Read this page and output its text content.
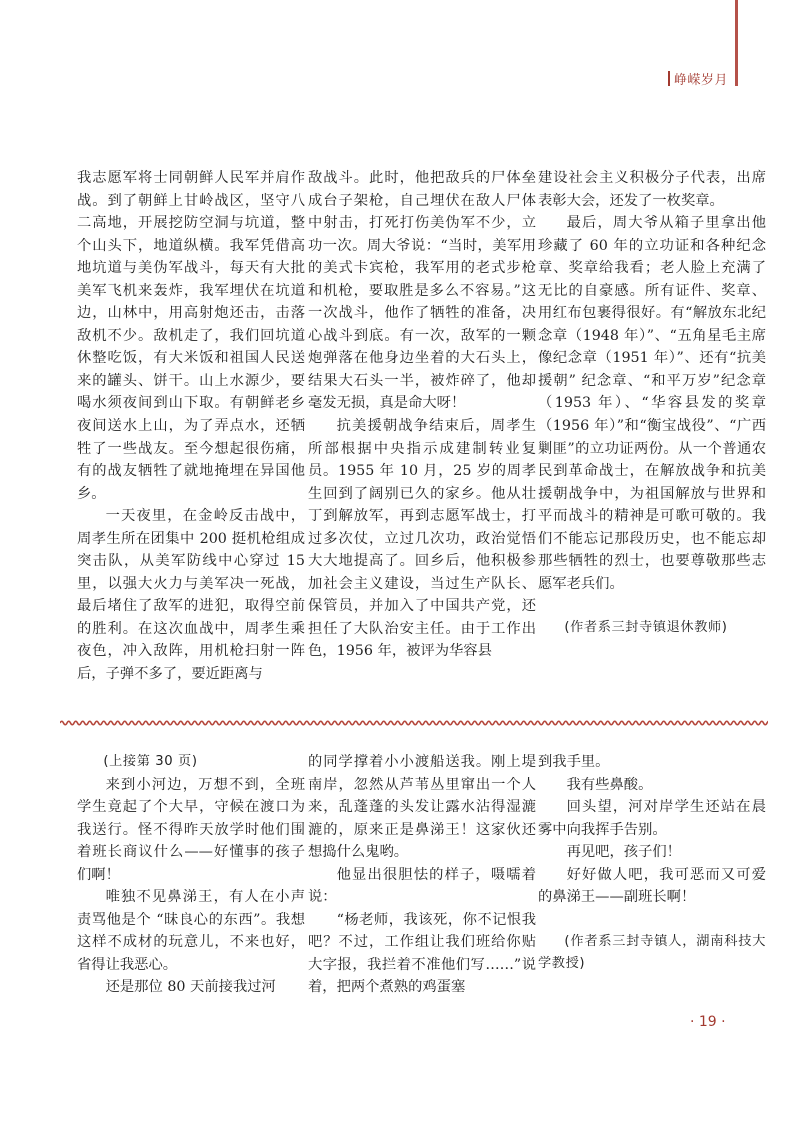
峥嵘岁月

我志愿军将士同朝鲜人民军并肩作战。到了朝鲜上甘岭战区，坚守八二高地，开展挖防空洞与坑道，整个山头下，地道纵横。我军凭借高地坑道与美伪军战斗，每天有大批美军飞机来轰炸，我军埋伏在坑道边，山林中，用高射炮还击，击落敌机不少。敌机走了，我们回坑道休整吃饭，有大米饭和祖国人民送来的罐头、饼干。山上水源少，要喝水须夜间到山下取。有朝鲜老乡夜间送水上山，为了弄点水，还牺牲了一些战友。至今想起很伤痛，有的战友牺牲了就地掩埋在异国他乡。

一天夜里，在金岭反击战中，周孝生所在团集中 200 挺机枪组成突击队，从美军防线中心穿过 15 里，以强大火力与美军决一死战，最后堵住了敌军的进犯，取得空前的胜利。在这次血战中，周孝生乘夜色，冲入敌阵，用机枪扫射一阵后，子弹不多了，要近距离与

敌战斗。此时，他把敌兵的尸体垒成台子架枪，自己埋伏在敌人尸体中射击，打死打伤美伪军不少，立功一次。周大爷说：“当时，美军用的美式卡宾枪，我军用的老式步枪和机枪，要取胜是多么不容易。”这一次战斗，他作了牺牲的准备，决心战斗到底。有一次，敌军的一颗炮弹落在他身边坐着的大石头上，结果大石头一半，被炸碎了，他却毫发无损，真是命大呀！

抗美援朝战争结束后，周孝生所部根据中央指示成建制转业复员。1955 年 10 月，25 岁的周孝生回到了阔别已久的家乡。他从壮丁到解放军，再到志愿军战士，打过多次仗，立过几次功，政治觉悟大大地提高了。回乡后，他积极参加社会主义建设，当过生产队长、保管员，并加入了中国共产党，还担任了大队治安主任。由于工作出色，1956 年，被评为华容县

建设社会主义积极分子代表，出席表彰大会，还发了一枚奖章。

最后，周大爷从箱子里拿出他珍藏了 60 年的立功证和各种纪念章、奖章给我看；老人脸上充满了无比的自豪感。所有证件、奖章、用红布包裹得很好。有“解放东北纪念章（1948 年）”、“五角星毛主席像纪念章（1951 年）”、还有“抗美援朝” 纪念章、“和平万岁”纪念章（1953 年）、“华容县发的奖章（1956 年）”和“衡宝战役”、“广西剿匪”的立功证两份。从一个普通农民到革命战士，在解放战争和抗美援朝战争中，为祖国解放与世界和平而战斗的精神是可歌可敬的。我们不能忘记那段历史，也不能忘却那些牺牲的烈士，也要尊敬那些志愿军老兵们。

(作者系三封寺镇退休教师)

(上接第 30 页)

来到小河边，万想不到，全班学生竟起了个大早，守候在渡口为我送行。怪不得昨天放学时他们围着班长商议什么——好懂事的孩子们啊！

唯独不见鼻涕王，有人在小声责骂他是个 “昧良心的东西”。我想这样不成材的玩意儿，不来也好，省得让我恶心。

还是那位 80 天前接我过河

的同学撑着小小渡船送我。刚上堤南岸，忽然从芦苇丛里窜出一个人来，乱蓬蓬的头发让露水沾得湿漉漉的，原来正是鼻涕王！这家伙还想捣什么鬼哟。

他显出很胆怯的样子，嗫嚅着说：

“杨老师，我该死，你不记恨我吧？不过，工作组让我们班给你贴大字报，我拦着不准他们写……”说着，把两个煮熟的鸡蛋塞

到我手里。

我有些鼻酸。

回头望，河对岸学生还站在晨雾中向我挥手告别。

再见吧，孩子们！

好好做人吧，我可恶而又可爱的鼻涕王——副班长啊！

(作者系三封寺镇人，湖南科技大学教授)

· 19 ·
